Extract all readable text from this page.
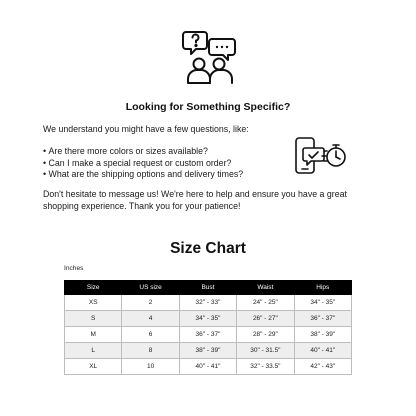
Looking for Something Specific?
We understand you might have a few questions, like:
• Are there more colors or sizes available?
• Can I make a special request or custom order?
• What are the shipping options and delivery times?
Don't hesitate to message us! We're here to help and ensure you have a great shopping experience. Thank you for your patience!
Size Chart
Inches
Size	US size	Bust	Waist	Hips
XS	2	32" - 33"	24" - 25"	34" - 35"
S	4	34" - 35"	26" - 27"	36" - 37"
M	6	36" - 37"	28" - 29"	38" - 39"
L	8	38" - 39"	30" - 31.5"	40" - 41"
XL	10	40" - 41"	32" - 33.5"	42" - 43"
